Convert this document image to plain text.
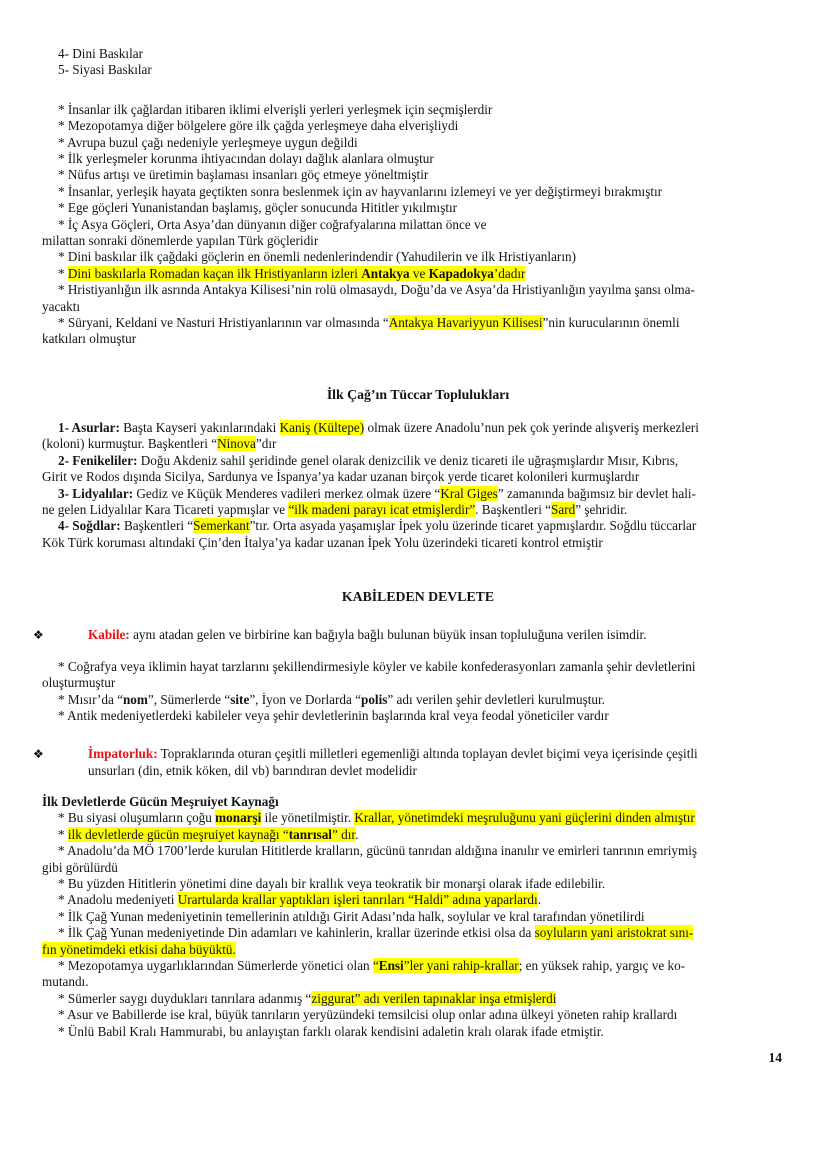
4- Dini Baskılar
5- Siyasi Baskılar
* İnsanlar ilk çağlardan itibaren iklimi elverişli yerleri yerleşmek için seçmişlerdir
* Mezopotamya diğer bölgelere göre ilk çağda yerleşmeye daha elverişliydi
* Avrupa buzul çağı nedeniyle yerleşmeye uygun değildi
* İlk yerleşmeler korunma ihtiyacından dolayı dağlık alanlara olmuştur
* Nüfus artışı ve üretimin başlaması insanları göç etmeye yöneltmiştir
* İnsanlar, yerleşik hayata geçtikten sonra beslenmek için av hayvanlarını izlemeyi ve yer değiştirmeyi bırakmıştır
* Ege göçleri Yunanistandan başlamış, göçler sonucunda Hititler yıkılmıştır
* İç Asya Göçleri, Orta Asya’dan dünyanın diğer coğrafyalarına milattan önce ve
milattan sonraki dönemlerde yapılan Türk göçleridir
* Dini baskılar ilk çağdaki göçlerin en önemli nedenlerindendir (Yahudilerin ve ilk Hristiyanların)
* Dini baskılarla Romadan kaçan ilk Hristiyanların izleri Antakya ve Kapadokya’dadır
* Hristiyanlığın ilk asrında Antakya Kilisesi’nin rolü olmasaydı, Doğu’da ve Asya’da Hristiyanlığın yayılma şansı olma-
yacaktı
* Süryani, Keldani ve Nasturi Hristiyanlarının var olmasında “Antakya Havariyyun Kilisesi”nin kurucularının önemli
katkıları olmuştur
İlk Çağ’ın Tüccar Toplulukları
1- Asurlar: Başta Kayseri yakınlarındaki Kaniş (Kültepe) olmak üzere Anadolu’nun pek çok yerinde alışveriş merkezleri
(koloni) kurmuştur. Başkentleri “Ninova”dır
2- Fenikeliler: Doğu Akdeniz sahil şeridinde genel olarak denizcilik ve deniz ticareti ile uğraşmışlardır Mısır, Kıbrıs,
Girit ve Rodos dışında Sicilya, Sardunya ve İspanya’ya kadar uzanan birçok yerde ticaret kolonileri kurmuşlardır
3- Lidyalılar: Gediz ve Küçük Menderes vadileri merkez olmak üzere “Kral Giges” zamanında bağımsız bir devlet hali-
ne gelen Lidyalılar Kara Ticareti yapmışlar ve “ilk madeni parayı icat etmişlerdir”. Başkentleri “Sard” şehridir.
4- Soğdlar: Başkentleri “Semerkant”tır. Orta asyada yaşamışlar İpek yolu üzerinde ticaret yapmışlardır. Soğdlu tüccarlar
Kök Türk koruması altındaki Çin’den İtalya’ya kadar uzanan İpek Yolu üzerindeki ticareti kontrol etmiştir
KABİLEDEN DEVLETE
❖	Kabile: aynı atadan gelen ve birbirine kan bağıyla bağlı bulunan büyük insan topluluğuna verilen isimdir.
* Coğrafya veya iklimin hayat tarzlarını şekillendirmesiyle köyler ve kabile konfederasyonları zamanla şehir devletlerini
oluşturmuştur
* Mısır’da “nom”, Sümerlerde “site”, İyon ve Dorlarda “polis” adı verilen şehir devletleri kurulmuştur.
* Antik medeniyetlerdeki kabileler veya şehir devletlerinin başlarında kral veya feodal yöneticiler vardır
❖	İmpatorluk: Topraklarında oturan çeşitli milletleri egemenliği altında toplayan devlet biçimi veya içerisinde çeşitli
unsurları (din, etnik köken, dil vb) barındıran devlet modelidir
İlk Devletlerde Gücün Meşruiyet Kaynağı
* Bu siyasi oluşumların çoğu monarşi ile yönetilmiştir. Krallar, yönetimdeki meşruluğunu yani güçlerini dinden almıştır
* ilk devletlerde gücün meşruiyet kaynağı “tanrısal” dır.
* Anadolu’da MÖ 1700’lerde kurulan Hititlerde kralların, gücünü tanrıdan aldığına inanılır ve emirleri tanrının emriymiş
gibi görülürdü
* Bu yüzden Hititlerin yönetimi dine dayalı bir krallık veya teokratik bir monarşi olarak ifade edilebilir.
* Anadolu medeniyeti Urartularda krallar yaptıkları işleri tanrıları “Haldi” adına yaparlardı.
* İlk Çağ Yunan medeniyetinin temellerinin atıldığı Girit Adası’nda halk, soylular ve kral tarafından yönetilirdi
* İlk Çağ Yunan medeniyetinde Din adamları ve kahinlerin, krallar üzerinde etkisi olsa da soyluların yani aristokrat sını-
fın yönetimdeki etkisi daha büyüktü.
* Mezopotamya uygarlıklarından Sümerlerde yönetici olan “Ensi”ler yani rahip-krallar; en yüksek rahip, yargıç ve ko-
mutandı.
* Sümerler saygı duydukları tanrılara adanmış “ziggurat” adı verilen tapınaklar inşa etmişlerdi
* Asur ve Babillerde ise kral, büyük tanrıların yeryüzündeki temsilcisi olup onlar adına ülkeyi yöneten rahip krallardı
* Ünlü Babil Kralı Hammurabi, bu anlayıştan farklı olarak kendisini adaletin kralı olarak ifade etmiştir.
14
